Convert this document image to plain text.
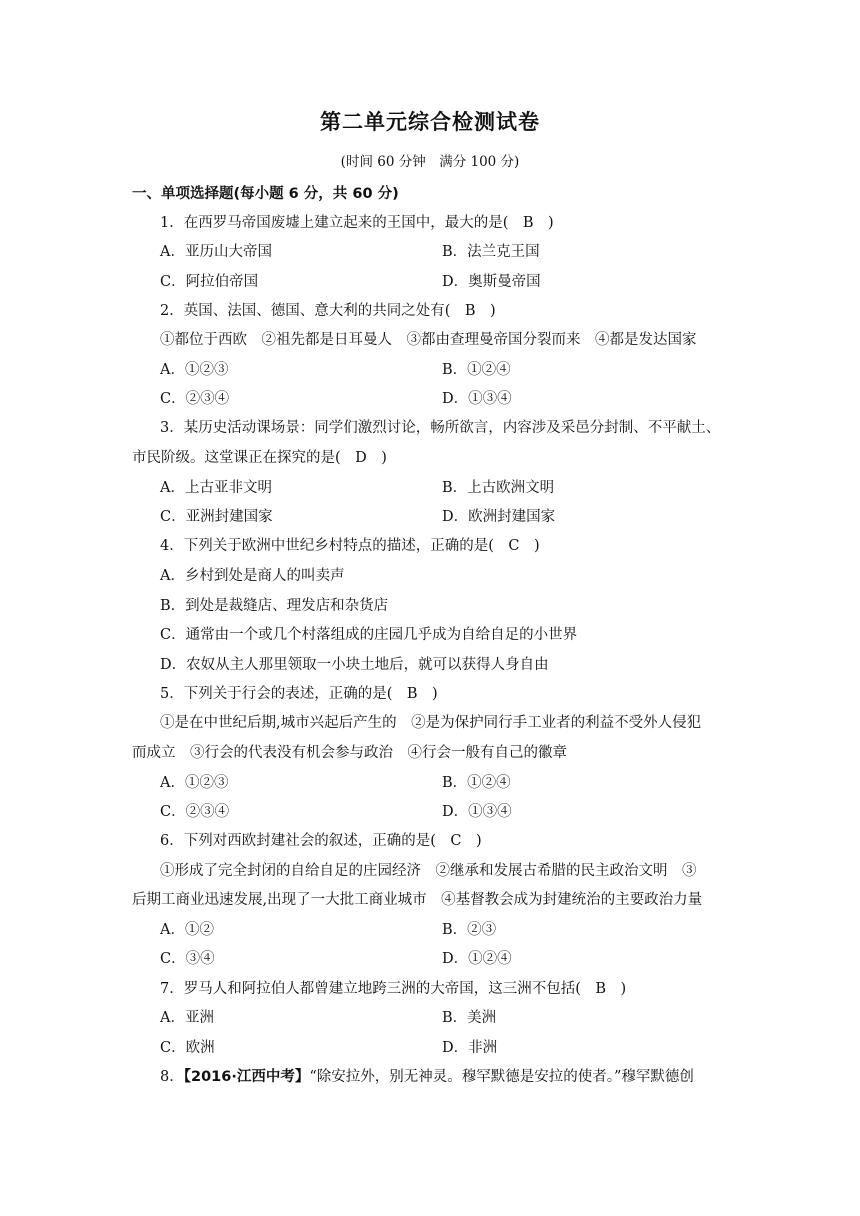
第二单元综合检测试卷
(时间 60 分钟　满分 100 分)
一、单项选择题(每小题 6 分，共 60 分)
1．在西罗马帝国废墟上建立起来的王国中，最大的是(　B　)
A．亚历山大帝国	B．法兰克王国
C．阿拉伯帝国	D．奥斯曼帝国
2．英国、法国、德国、意大利的共同之处有(　B　)
①都位于西欧　②祖先都是日耳曼人　③都由查理曼帝国分裂而来　④都是发达国家
A．①②③	B．①②④
C．②③④	D．①③④
3．某历史活动课场景：同学们激烈讨论，畅所欲言，内容涉及采邑分封制、不平献土、
市民阶级。这堂课正在探究的是(　D　)
A．上古亚非文明	B．上古欧洲文明
C．亚洲封建国家	D．欧洲封建国家
4．下列关于欧洲中世纪乡村特点的描述，正确的是(　C　)
A．乡村到处是商人的叫卖声
B．到处是裁缝店、理发店和杂货店
C．通常由一个或几个村落组成的庄园几乎成为自给自足的小世界
D．农奴从主人那里领取一小块土地后，就可以获得人身自由
5．下列关于行会的表述，正确的是(　B　)
①是在中世纪后期,城市兴起后产生的　②是为保护同行手工业者的利益不受外人侵犯
而成立　③行会的代表没有机会参与政治　④行会一般有自己的徽章
A．①②③	B．①②④
C．②③④	D．①③④
6．下列对西欧封建社会的叙述，正确的是(　C　)
①形成了完全封闭的自给自足的庄园经济　②继承和发展古希腊的民主政治文明　③
后期工商业迅速发展,出现了一大批工商业城市　④基督教会成为封建统治的主要政治力量
A．①②	B．②③
C．③④	D．①②④
7．罗马人和阿拉伯人都曾建立地跨三洲的大帝国，这三洲不包括(　B　)
A．亚洲	B．美洲
C．欧洲	D．非洲
8．【2016·江西中考】“除安拉外，别无神灵。穆罕默德是安拉的使者。”穆罕默德创
